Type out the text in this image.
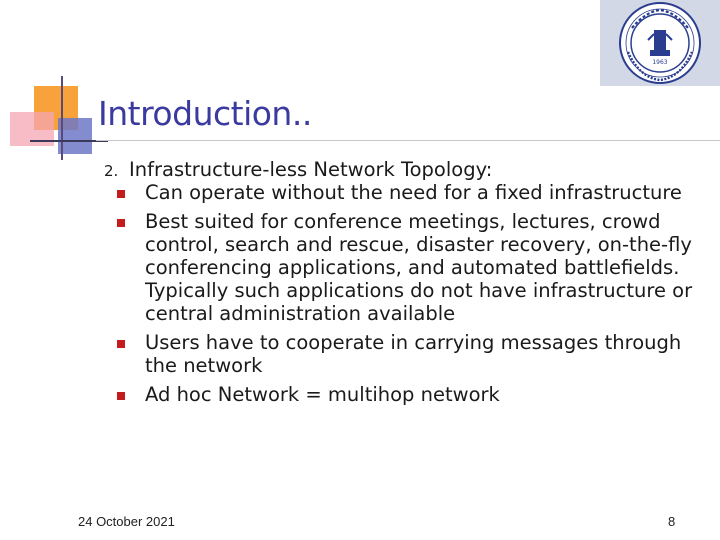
1963
Introduction..
2. Infrastructure-less Network Topology:
Can operate without the need for a fixed infrastructure
Best suited for conference meetings, lectures, crowd control, search and rescue, disaster recovery, on-the-fly conferencing applications, and automated battlefields. Typically such applications do not have infrastructure or central administration available
Users have to cooperate in carrying messages through the network
Ad hoc Network = multihop network
24 October 2021	8
